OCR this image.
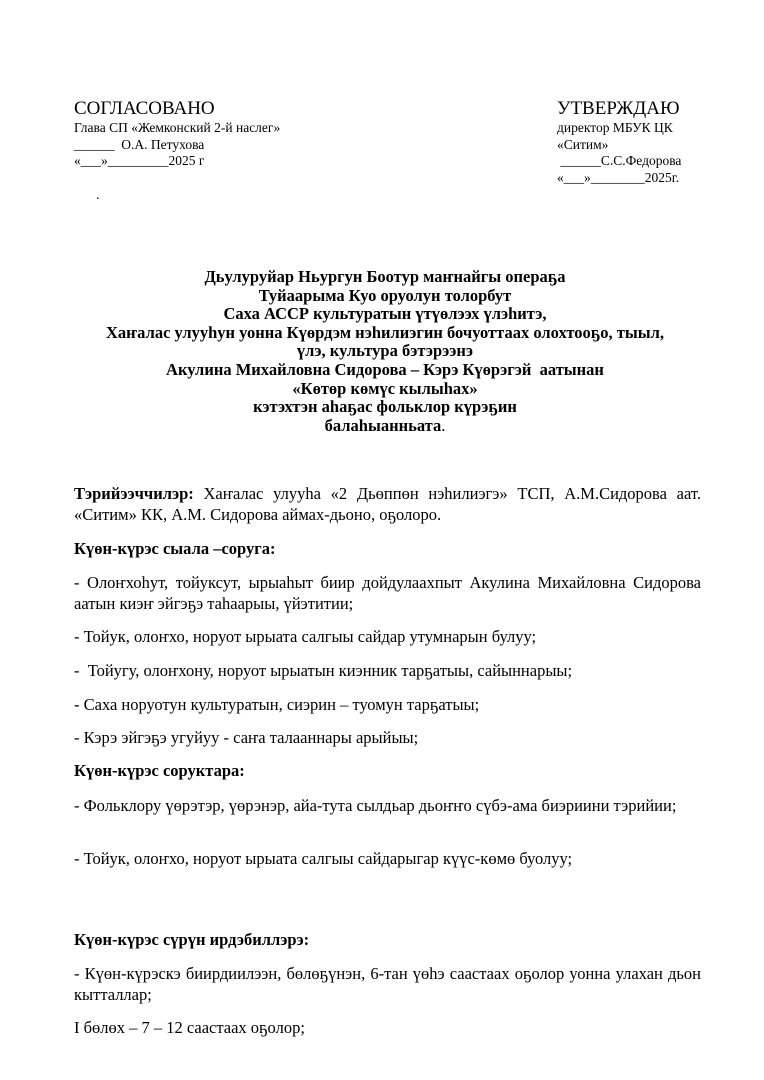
СОГЛАСОВАНО
Глава СП «Жемконский 2-й наслег»
______  О.А. Петухова
«___»_________2025 г
УТВЕРЖДАЮ
директор МБУК ЦК
«Ситим»
______С.С.Федорова
«___»________2025г.
.
Дьулуруйар Ньургун Боотур маҥнайгы операҕа
Туйаарыма Куо оруолун толорбут
Саха АССР культуратын үтүөлээх үлэһитэ,
Хаҥалас улууһун уонна Күөрдэм нэһилиэгин бочуоттаах олохтооҕо, тыыл,
үлэ, культура бэтэрээнэ
Акулина Михайловна Сидорова – Кэрэ Күөрэгэй  аатынан
«Көтөр көмүс кылыһах»
кэтэхтэн аһаҕас фольклор күрэҕин
балаһыанньата.

Тэрийээччилэр: Хаҥалас улууһа «2 Дьөппөн нэһилиэгэ» ТСП, А.М.Сидорова аат. «Ситим» КК, А.М. Сидорова аймах-дьоно, оҕолоро.

Күөн-күрэс сыала –соруга:
- Олоҥхоһут, тойуксут, ырыаһыт биир дойдулаахпыт Акулина Михайловна Сидорова аатын киэҥ эйгэҕэ таһаарыы, үйэтитии;
- Тойук, олоҥхо, норуот ырыата салгыы сайдар утумнарын булуу;
-  Тойугу, олоҥхону, норуот ырыатын киэнник тарҕатыы, сайыннарыы;
- Саха норуотун культуратын, сиэрин – туомун тарҕатыы;
- Кэрэ эйгэҕэ угуйуу - саҥа талааннары арыйыы;
Күөн-күрэс соруктара:
- Фольклору үөрэтэр, үөрэнэр, айа-тута сылдьар дьоҥҥо сүбэ-ама биэриини тэрийии;
- Тойук, олоҥхо, норуот ырыата салгыы сайдарыгар күүс-көмө буолуу;
Күөн-күрэс сүрүн ирдэбиллэрэ:
- Күөн-күрэскэ биирдиилээн, бөлөҕүнэн, 6-тан үөһэ саастаах оҕолор уонна улахан дьон кытталлар;
I бөлөх – 7 – 12 саастаах оҕолор;
